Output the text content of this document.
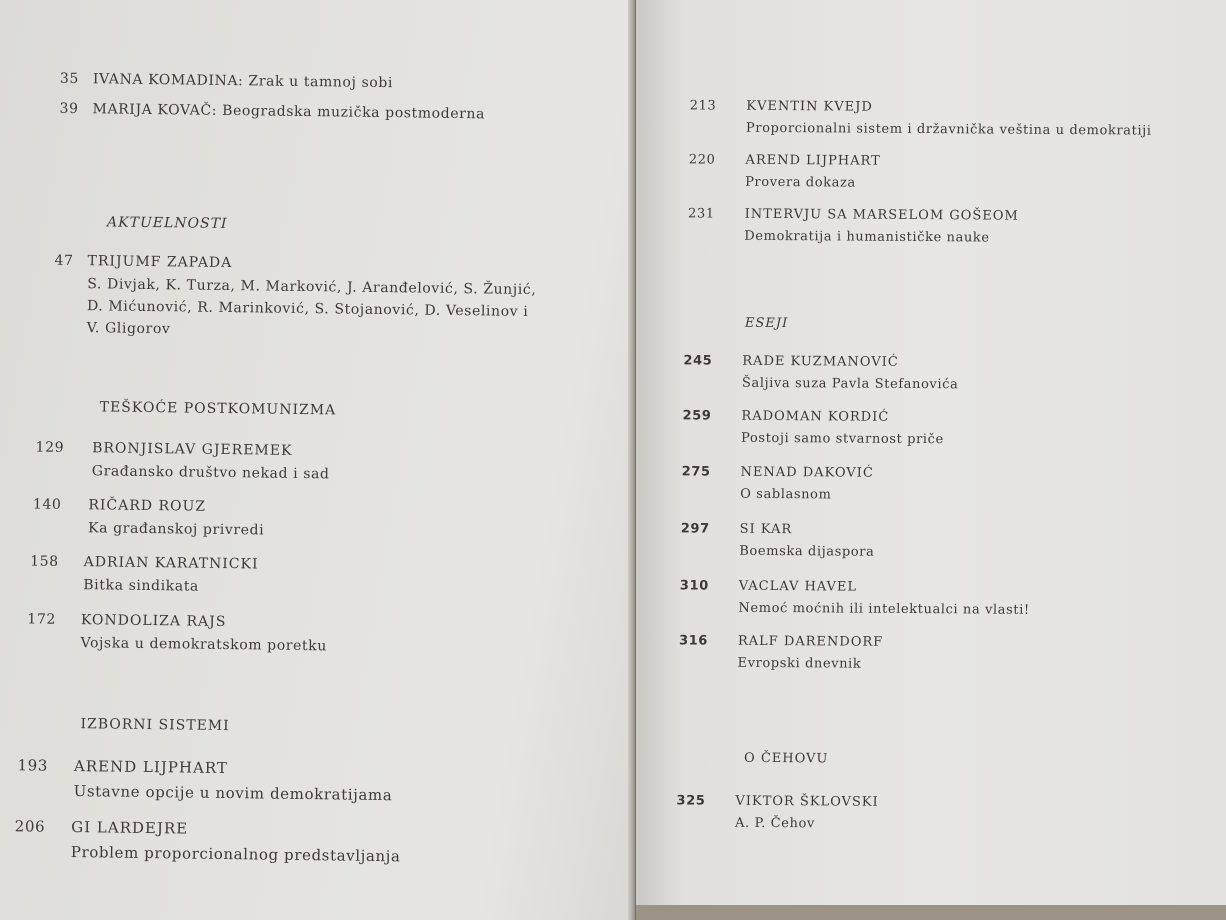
35 IVANA KOMADINA: Zrak u tamnoj sobi
39 MARIJA KOVAČ: Beogradska muzička postmoderna
AKTUELNOSTI
47 TRIJUMF ZAPADA
S. Divjak, K. Turza, M. Marković, J. Aranđelović, S. Žunjić,
D. Mićunović, R. Marinković, S. Stojanović, D. Veselinov i
V. Gligorov
TEŠKOĆE POSTKOMUNIZMA
129 BRONJISLAV GJEREMEK
Građansko društvo nekad i sad
140 RIČARD ROUZ
Ka građanskoj privredi
158 ADRIAN KARATNICKI
Bitka sindikata
172 KONDOLIZA RAJS
Vojska u demokratskom poretku
IZBORNI SISTEMI
193 AREND LIJPHART
Ustavne opcije u novim demokratijama
206 GI LARDEJRE
Problem proporcionalnog predstavljanja
213 KVENTIN KVEJD
Proporcionalni sistem i državnička veština u demokratiji
220 AREND LIJPHART
Provera dokaza
231 INTERVJU SA MARSELOM GOŠEOM
Demokratija i humanističke nauke
ESEJI
245 RADE KUZMANOVIĆ
Šaljiva suza Pavla Stefanovića
259 RADOMAN KORDIĆ
Postoji samo stvarnost priče
275 NENAD DAKOVIĆ
O sablasnom
297 SI KAR
Boemska dijaspora
310 VACLAV HAVEL
Nemoć moćnih ili intelektualci na vlasti!
316 RALF DARENDORF
Evropski dnevnik
O ČEHOVU
325 VIKTOR ŠKLOVSKI
A. P. Čehov
